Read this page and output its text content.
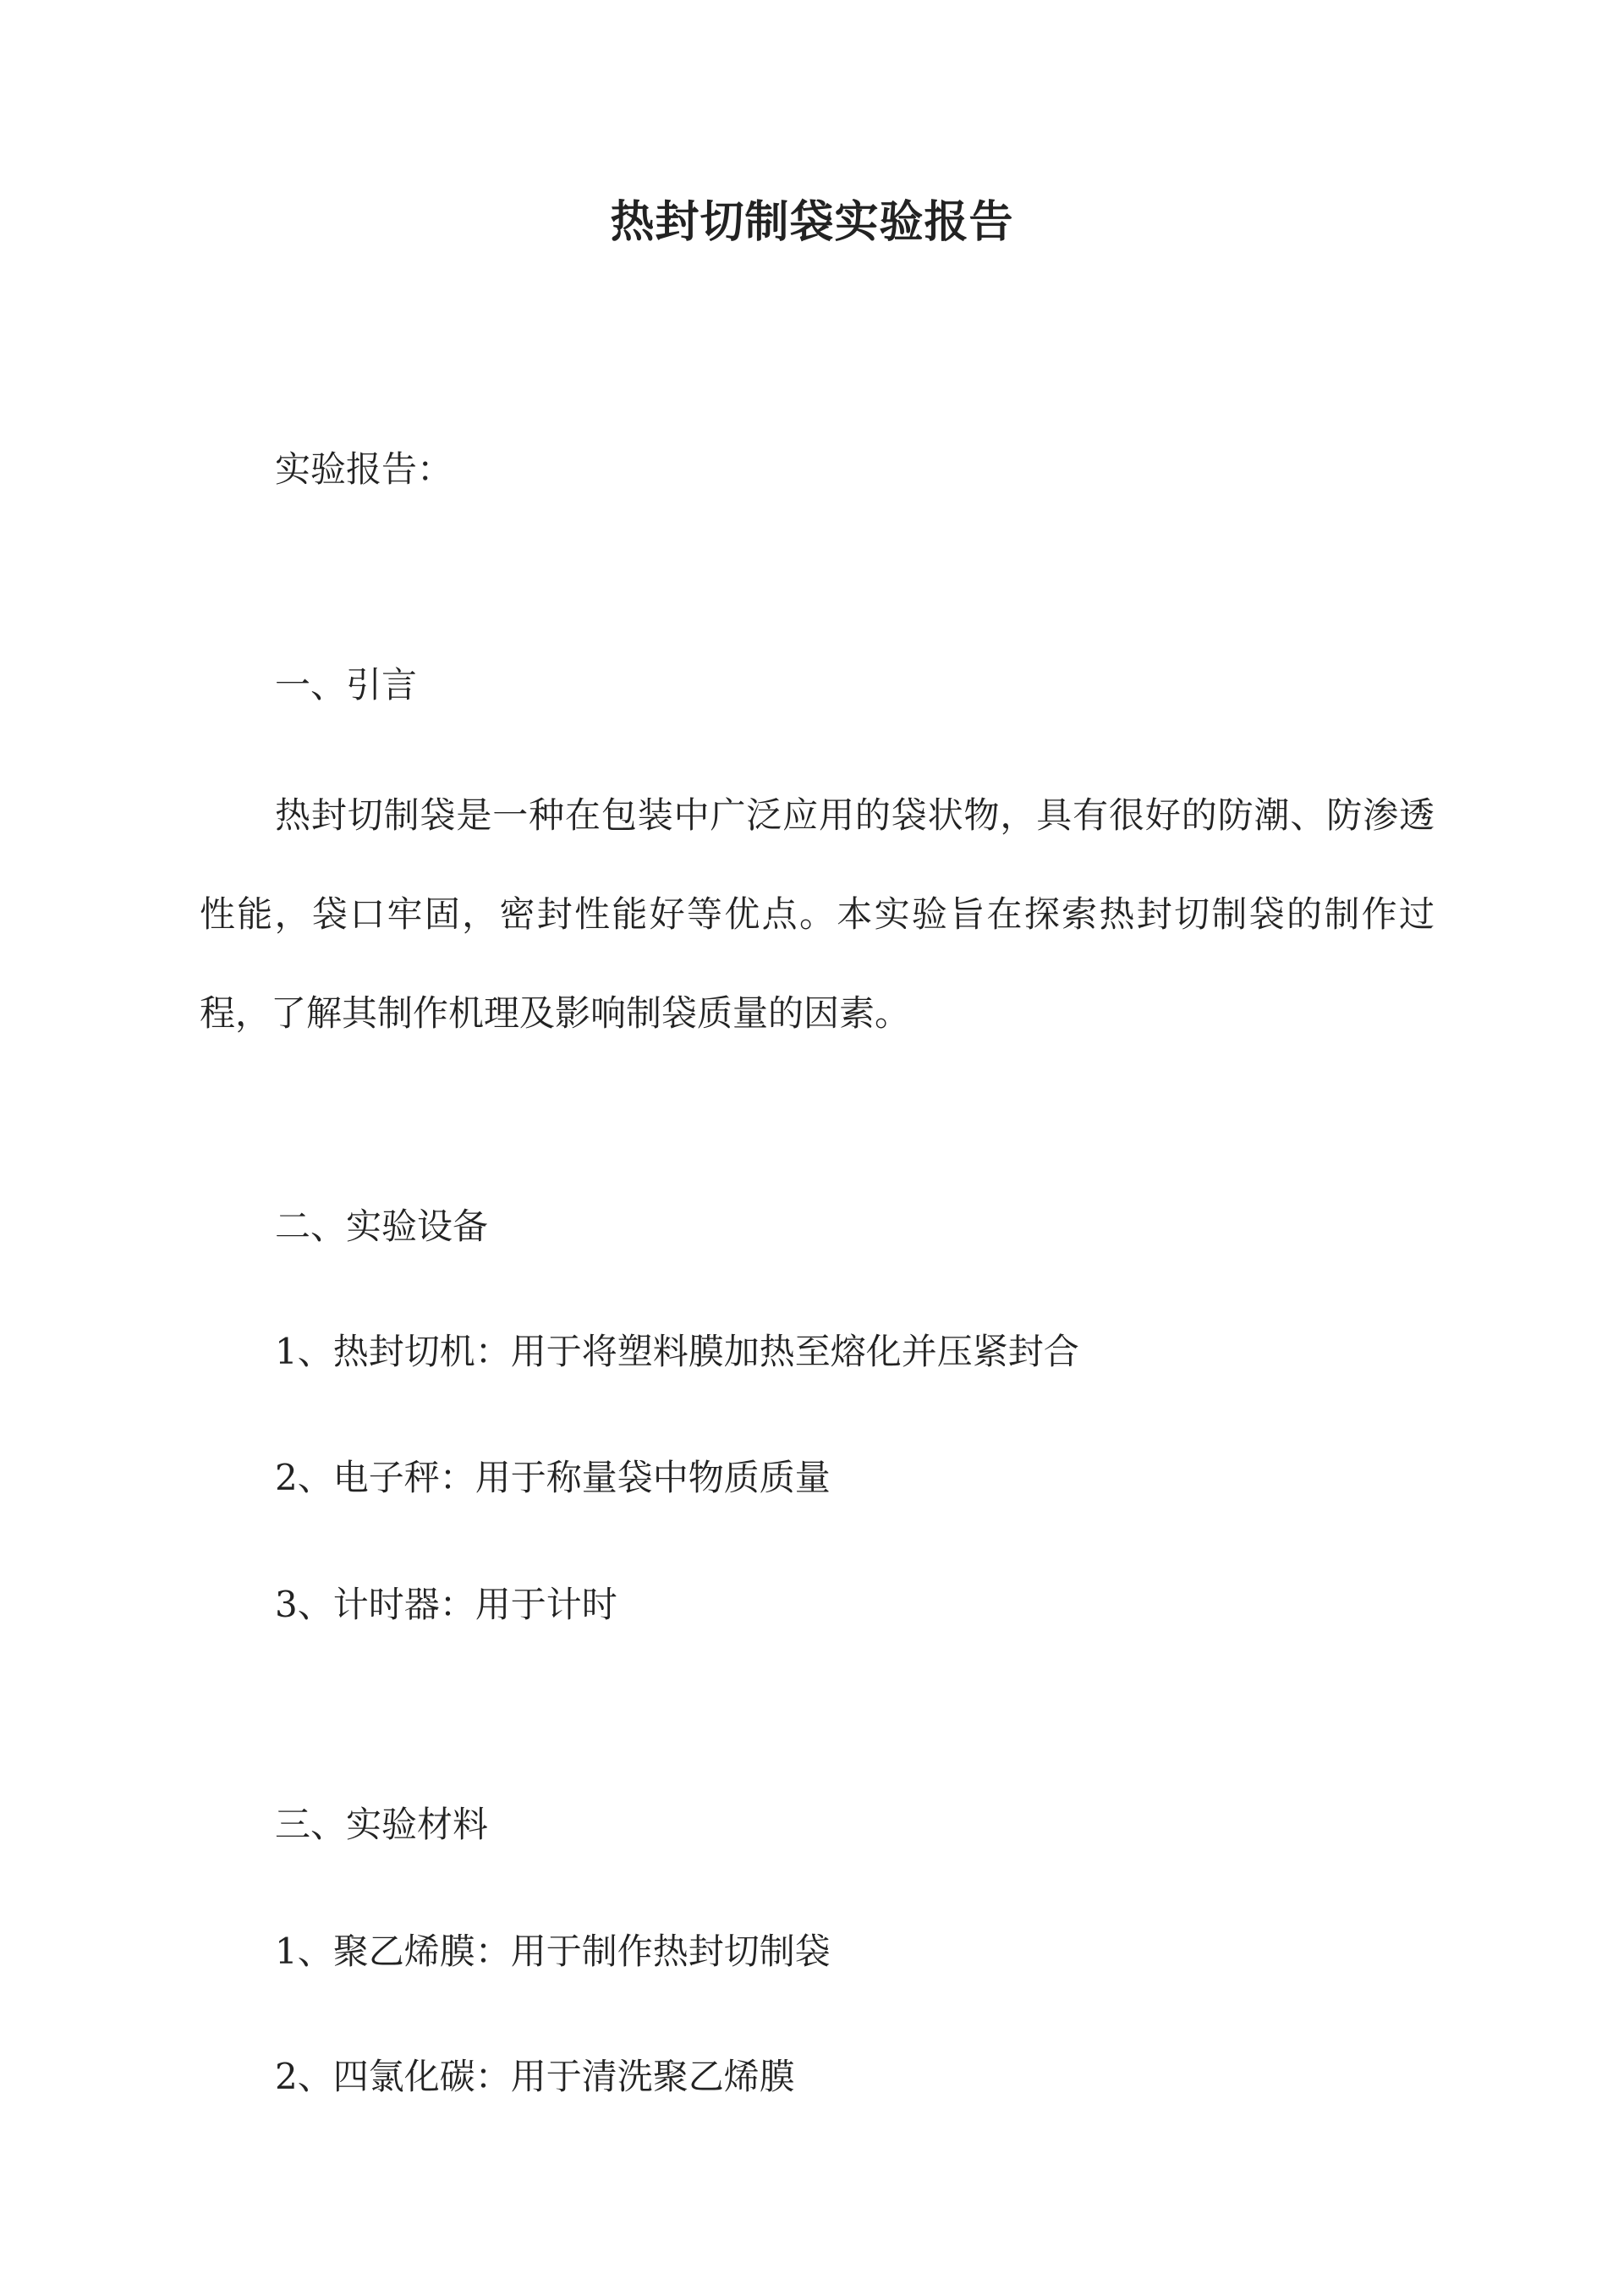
热封切制袋实验报告
实验报告：
一、引言

热封切制袋是一种在包装中广泛应用的袋状物，具有很好的防潮、防渗透性能，袋口牢固，密封性能好等优点。本实验旨在探索热封切制袋的制作过程，了解其制作机理及影响制袋质量的因素。

二、实验设备
1、热封切机：用于将塑料膜加热至熔化并压紧封合
2、电子秤：用于称量袋中物质质量
3、计时器：用于计时
三、实验材料
1、聚乙烯膜：用于制作热封切制袋
2、四氯化碳：用于清洗聚乙烯膜
